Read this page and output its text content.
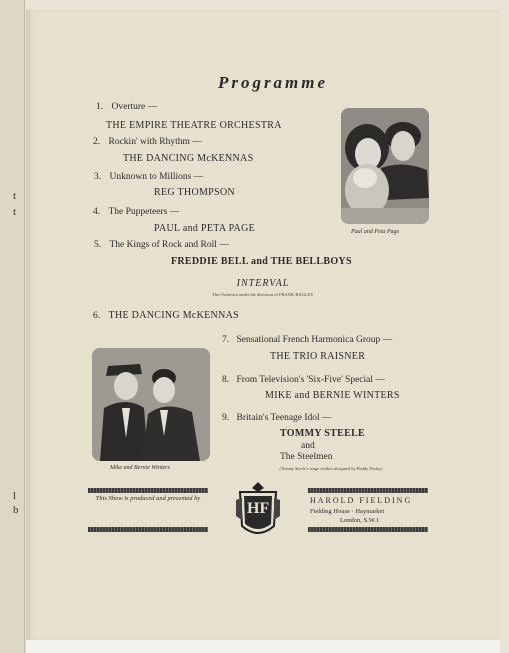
t
t
l
b
Programme
1. Overture —
THE EMPIRE THEATRE ORCHESTRA
2. Rockin' with Rhythm —
THE DANCING McKENNAS
3. Unknown to Millions —
REG THOMPSON
4. The Puppeteers —
PAUL and PETA PAGE
5. The Kings of Rock and Roll —
FREDDIE BELL and THE BELLBOYS
INTERVAL
The Orchestra under the direction of FRANK BAGLEY
6. THE DANCING McKENNAS
7. Sensational French Harmonica Group —
THE TRIO RAISNER
8. From Television's 'Six-Five' Special —
MIKE and BERNIE WINTERS
9. Britain's Teenage Idol —
TOMMY STEELE
and
The Steelmen
(Tommy Steele's stage clothes designed by Paddy Finlay)
Paul and Peta Page
Mike and Bernie Winters
This Show is produced and presented by
HF	HAROLD FIELDING
Fielding House · Haymarket
London, S.W.1
